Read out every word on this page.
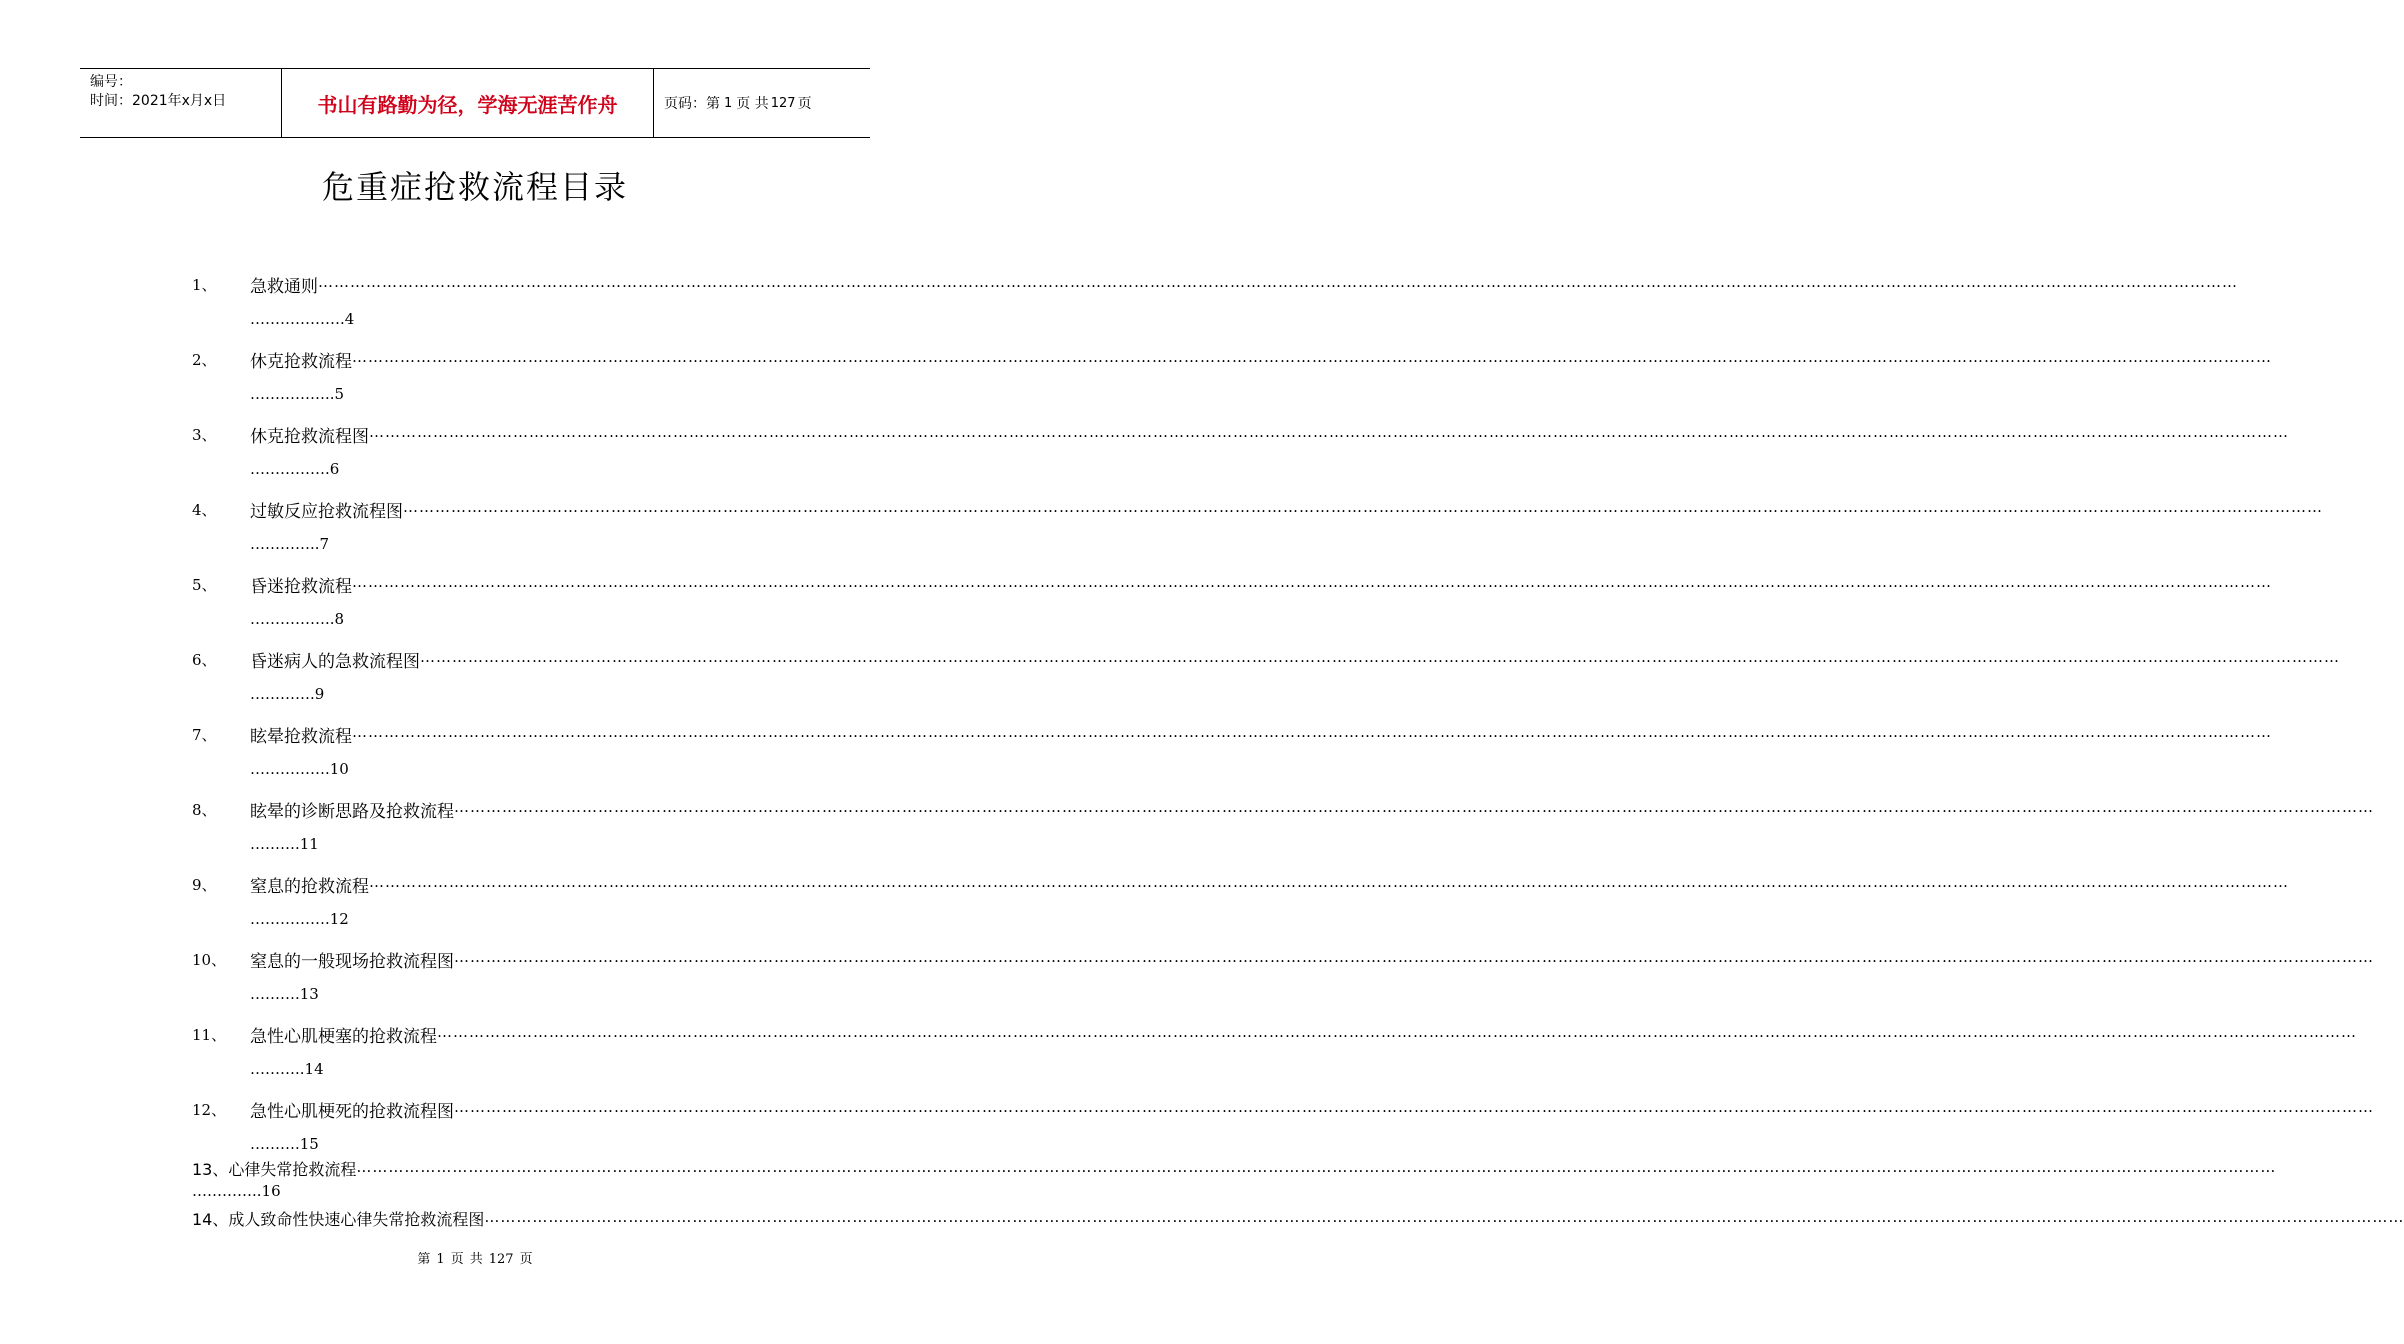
编号：
时间：2021年x月x日	书山有路勤为径，学海无涯苦作舟	页码：第 1 页 共 127 页
危重症抢救流程目录
1、 急救通则 ………………………………………………………………………………………………………………………………………………………………………………………………………………………………………………………………………………………………………………………………
……………….4
2、 休克抢救流程 ………………………………………………………………………………………………………………………………………………………………………………………………………………………………………………………………………………………………………………………………
……………..5
3、 休克抢救流程图 ………………………………………………………………………………………………………………………………………………………………………………………………………………………………………………………………………………………………………………………………
…………….6
4、 过敏反应抢救流程图 ………………………………………………………………………………………………………………………………………………………………………………………………………………………………………………………………………………………………………………………………
…………..7
5、 昏迷抢救流程 ………………………………………………………………………………………………………………………………………………………………………………………………………………………………………………………………………………………………………………………………
……………..8
6、 昏迷病人的急救流程图 ………………………………………………………………………………………………………………………………………………………………………………………………………………………………………………………………………………………………………………………………
………….9
7、 眩晕抢救流程 ………………………………………………………………………………………………………………………………………………………………………………………………………………………………………………………………………………………………………………………………
…………….10
8、 眩晕的诊断思路及抢救流程 ………………………………………………………………………………………………………………………………………………………………………………………………………………………………………………………………………………………………………………………………
……….11
9、 窒息的抢救流程 ………………………………………………………………………………………………………………………………………………………………………………………………………………………………………………………………………………………………………………………………
…………….12
10、 窒息的一般现场抢救流程图 ………………………………………………………………………………………………………………………………………………………………………………………………………………………………………………………………………………………………………………………………
……….13
11、 急性心肌梗塞的抢救流程 ………………………………………………………………………………………………………………………………………………………………………………………………………………………………………………………………………………………………………………………………
………..14
12、 急性心肌梗死的抢救流程图 ………………………………………………………………………………………………………………………………………………………………………………………………………………………………………………………………………………………………………………………………
……….15
13、心律失常抢救流程 ………………………………………………………………………………………………………………………………………………………………………………………………………………………………………………………………………………………………………………………………
…………..16
14、成人致命性快速心律失常抢救流程图 ………………………………………………………………………………………………………………………………………………………………………………………………………………………………………………………………………………………………………………………………
第 1 页 共 127 页
